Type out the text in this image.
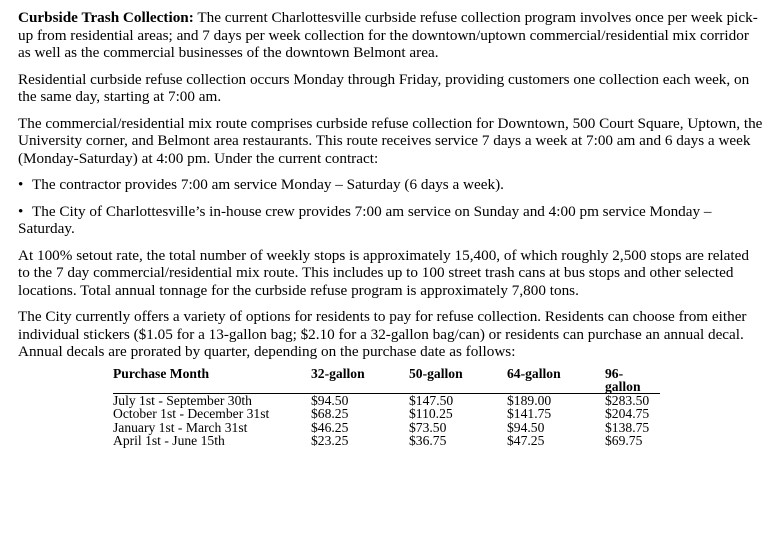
Curbside Trash Collection: The current Charlottesville curbside refuse collection program involves once per week pick-up from residential areas; and 7 days per week collection for the downtown/uptown commercial/residential mix corridor as well as the commercial businesses of the downtown Belmont area.

Residential curbside refuse collection occurs Monday through Friday, providing customers one collection each week, on the same day, starting at 7:00 am.

The commercial/residential mix route comprises curbside refuse collection for Downtown, 500 Court Square, Uptown, the University corner, and Belmont area restaurants. This route receives service 7 days a week at 7:00 am and 6 days a week (Monday-Saturday) at 4:00 pm. Under the current contract:

• The contractor provides 7:00 am service Monday – Saturday (6 days a week).
• The City of Charlottesville’s in-house crew provides 7:00 am service on Sunday and 4:00 pm service Monday – Saturday.

At 100% setout rate, the total number of weekly stops is approximately 15,400, of which roughly 2,500 stops are related to the 7 day commercial/residential mix route. This includes up to 100 street trash cans at bus stops and other selected locations. Total annual tonnage for the curbside refuse program is approximately 7,800 tons.

The City currently offers a variety of options for residents to pay for refuse collection. Residents can choose from either individual stickers ($1.05 for a 13-gallon bag; $2.10 for a 32-gallon bag/can) or residents can purchase an annual decal. Annual decals are prorated by quarter, depending on the purchase date as follows:

Purchase Month	32-gallon	50-gallon	64-gallon	96-
gallon
July 1st - September 30th	$94.50	$147.50	$189.00	$283.50
October 1st - December 31st	$68.25	$110.25	$141.75	$204.75
January 1st - March 31st	$46.25	$73.50	$94.50	$138.75
April 1st - June 15th	$23.25	$36.75	$47.25	$69.75
